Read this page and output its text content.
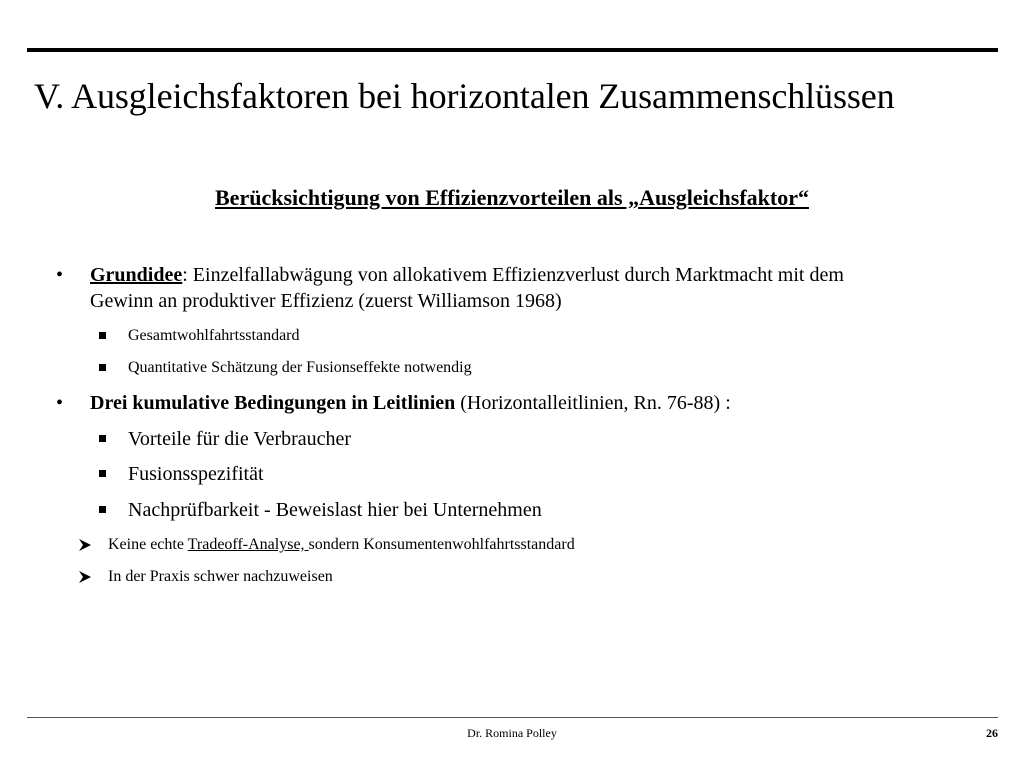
V. Ausgleichsfaktoren bei horizontalen Zusammenschlüssen

Berücksichtigung von Effizienzvorteilen als „Ausgleichsfaktor“

• Grundidee: Einzelfallabwägung von allokativem Effizienzverlust durch Marktmacht mit dem
Gewinn an produktiver Effizienz (zuerst Williamson 1968)
Gesamtwohlfahrtsstandard
Quantitative Schätzung der Fusionseffekte notwendig
• Drei kumulative Bedingungen in Leitlinien (Horizontalleitlinien, Rn. 76-88) :
Vorteile für die Verbraucher
Fusionsspezifität
Nachprüfbarkeit - Beweislast hier bei Unternehmen
Keine echte Tradeoff-Analyse, sondern Konsumentenwohlfahrtsstandard
In der Praxis schwer nachzuweisen
Dr. Romina Polley	26
